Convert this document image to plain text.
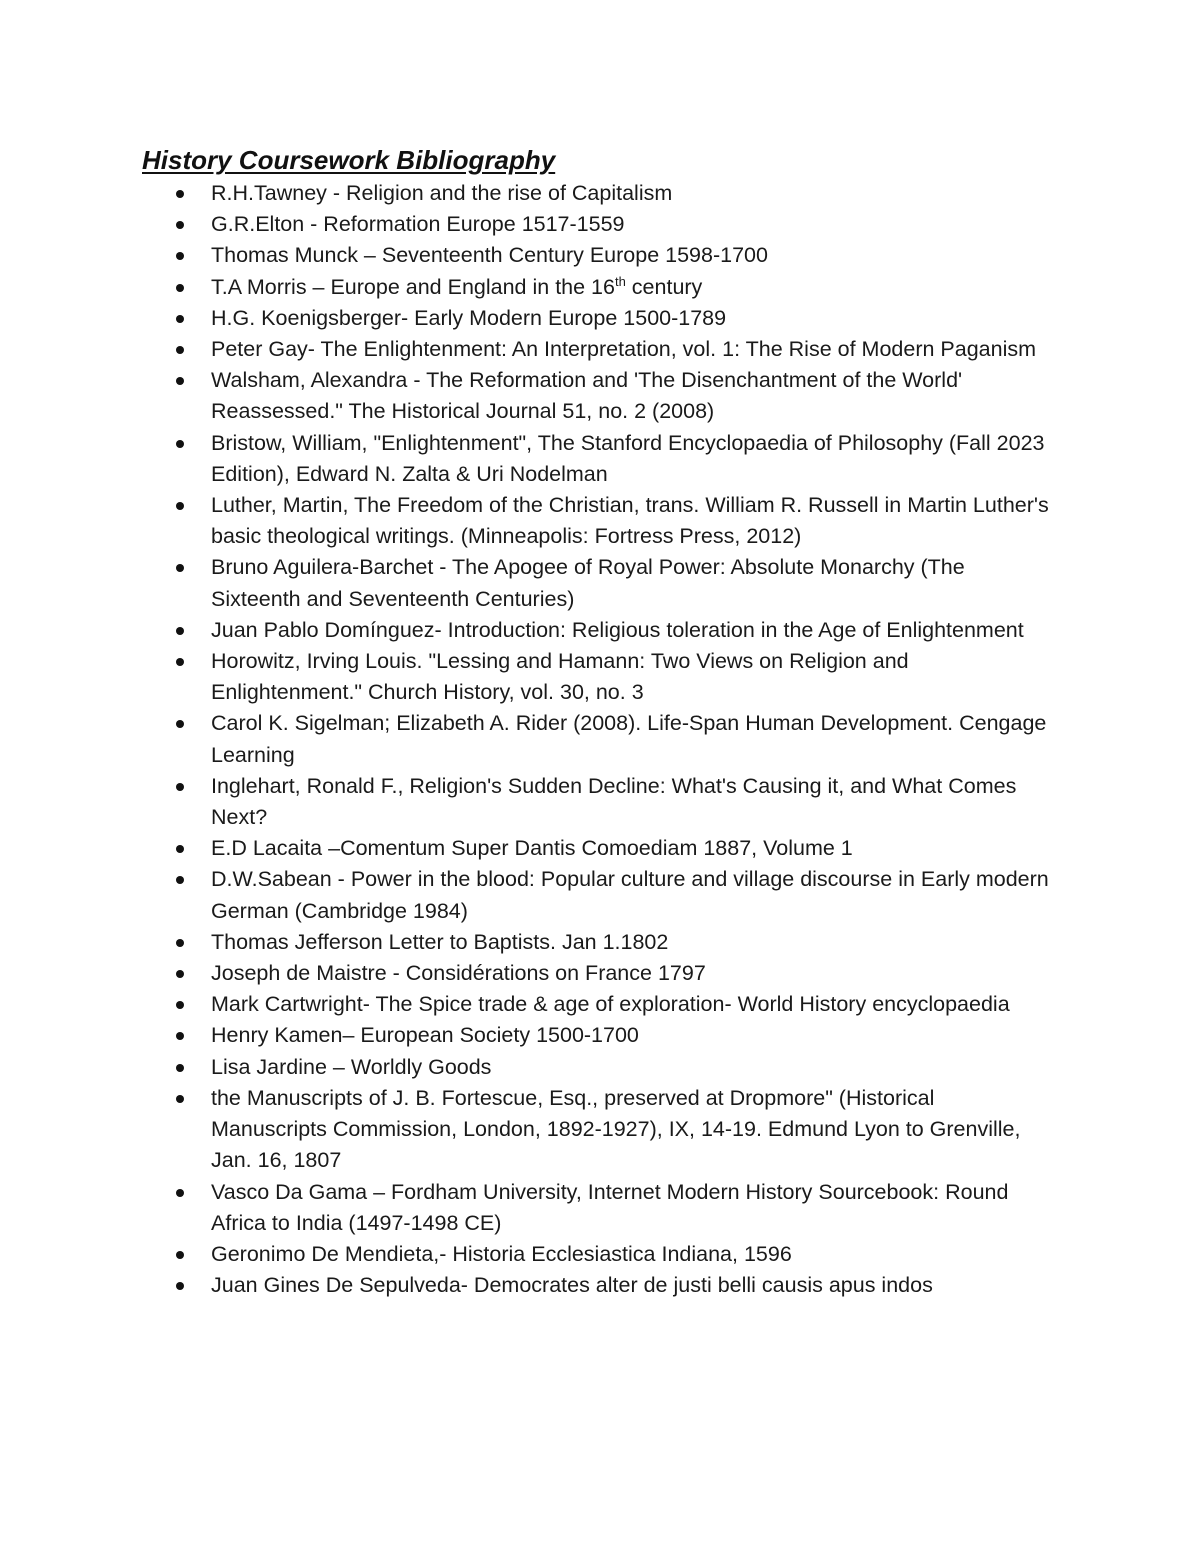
History Coursework Bibliography
R.H.Tawney - Religion and the rise of Capitalism
G.R.Elton - Reformation Europe 1517-1559
Thomas Munck – Seventeenth Century Europe 1598-1700
T.A Morris – Europe and England in the 16th century
H.G. Koenigsberger- Early Modern Europe 1500-1789
Peter Gay- The Enlightenment: An Interpretation, vol. 1: The Rise of Modern Paganism
Walsham, Alexandra - The Reformation and 'The Disenchantment of the World' Reassessed." The Historical Journal 51, no. 2 (2008)
Bristow, William, "Enlightenment", The Stanford Encyclopaedia of Philosophy (Fall 2023 Edition), Edward N. Zalta & Uri Nodelman
Luther, Martin, The Freedom of the Christian, trans. William R. Russell in Martin Luther's basic theological writings. (Minneapolis: Fortress Press, 2012)
Bruno Aguilera-Barchet - The Apogee of Royal Power: Absolute Monarchy (The Sixteenth and Seventeenth Centuries)
Juan Pablo Domínguez- Introduction: Religious toleration in the Age of Enlightenment
Horowitz, Irving Louis. "Lessing and Hamann: Two Views on Religion and Enlightenment." Church History, vol. 30, no. 3
Carol K. Sigelman; Elizabeth A. Rider (2008). Life-Span Human Development. Cengage Learning
Inglehart, Ronald F., Religion's Sudden Decline: What's Causing it, and What Comes Next?
E.D Lacaita –Comentum Super Dantis Comoediam 1887, Volume 1
D.W.Sabean - Power in the blood: Popular culture and village discourse in Early modern German (Cambridge 1984)
Thomas Jefferson Letter to Baptists. Jan 1.1802
Joseph de Maistre - Considérations on France 1797
Mark Cartwright- The Spice trade & age of exploration- World History encyclopaedia
Henry Kamen– European Society 1500-1700
Lisa Jardine – Worldly Goods
the Manuscripts of J. B. Fortescue, Esq., preserved at Dropmore" (Historical Manuscripts Commission, London, 1892-1927), IX, 14-19. Edmund Lyon to Grenville, Jan. 16, 1807
Vasco Da Gama – Fordham University, Internet Modern History Sourcebook: Round Africa to India (1497-1498 CE)
Geronimo De Mendieta,- Historia Ecclesiastica Indiana, 1596
Juan Gines De Sepulveda- Democrates alter de justi belli causis apus indos
